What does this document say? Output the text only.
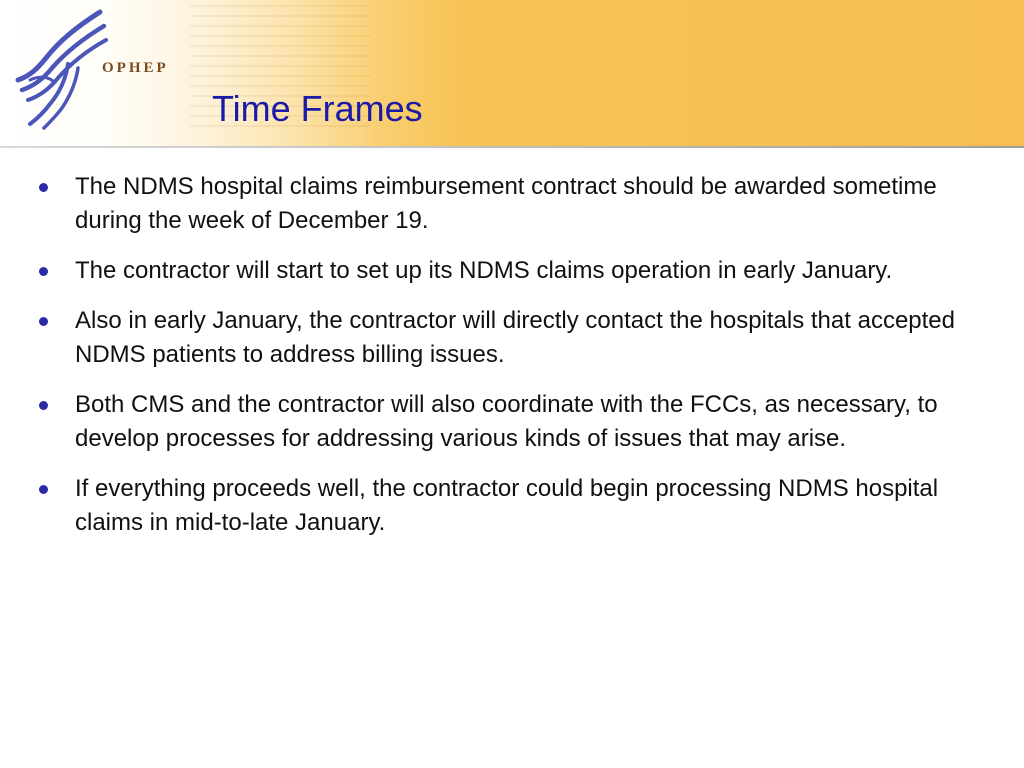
OPHEP
Time Frames
The NDMS hospital claims reimbursement contract should be awarded sometime during the week of December 19.
The contractor will start to set up its NDMS claims operation in early January.
Also in early January, the contractor will directly contact the hospitals that accepted NDMS patients to address billing issues.
Both CMS and the contractor will also coordinate with the FCCs, as necessary, to develop processes for addressing various kinds of issues that may arise.
If everything proceeds well, the contractor could begin processing NDMS hospital claims in mid-to-late January.
